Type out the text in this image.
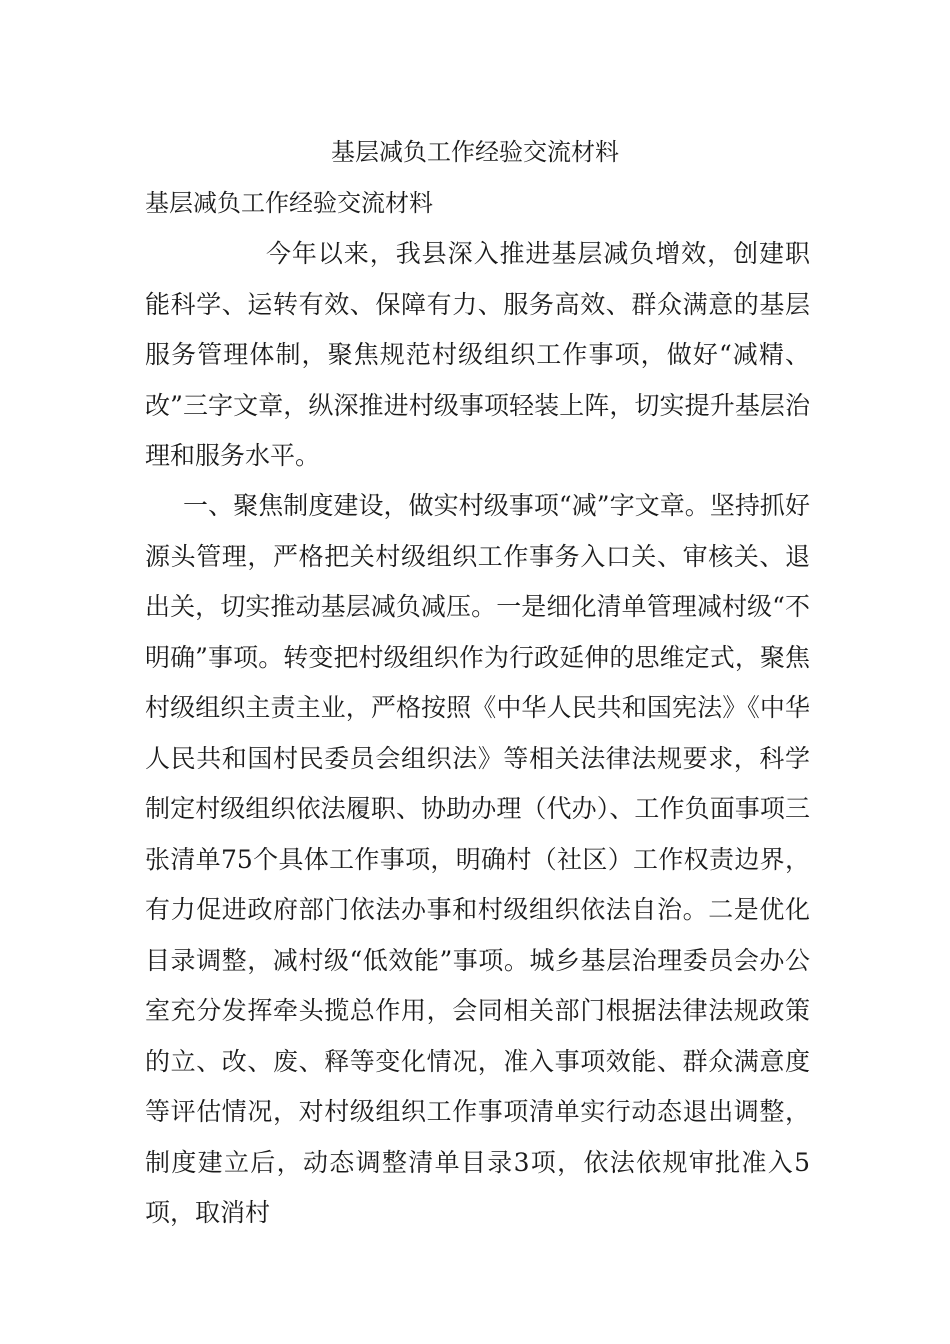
基层减负工作经验交流材料
基层减负工作经验交流材料

今年以来，我县深入推进基层减负增效，创建职能科学、运转有效、保障有力、服务高效、群众满意的基层服务管理体制，聚焦规范村级组织工作事项，做好“减精、改”三字文章，纵深推进村级事项轻装上阵，切实提升基层治理和服务水平。

一、聚焦制度建设，做实村级事项“减”字文章。坚持抓好源头管理，严格把关村级组织工作事务入口关、审核关、退出关，切实推动基层减负减压。一是细化清单管理减村级“不明确”事项。转变把村级组织作为行政延伸的思维定式，聚焦村级组织主责主业，严格按照《中华人民共和国宪法》《中华人民共和国村民委员会组织法》等相关法律法规要求，科学制定村级组织依法履职、协助办理（代办）、工作负面事项三张清单75个具体工作事项，明确村（社区）工作权责边界，有力促进政府部门依法办事和村级组织依法自治。二是优化目录调整，减村级“低效能”事项。城乡基层治理委员会办公室充分发挥牵头揽总作用，会同相关部门根据法律法规政策的立、改、废、释等变化情况，准入事项效能、群众满意度等评估情况，对村级组织工作事项清单实行动态退出调整，制度建立后，动态调整清单目录3项，依法依规审批准入5项，取消村
